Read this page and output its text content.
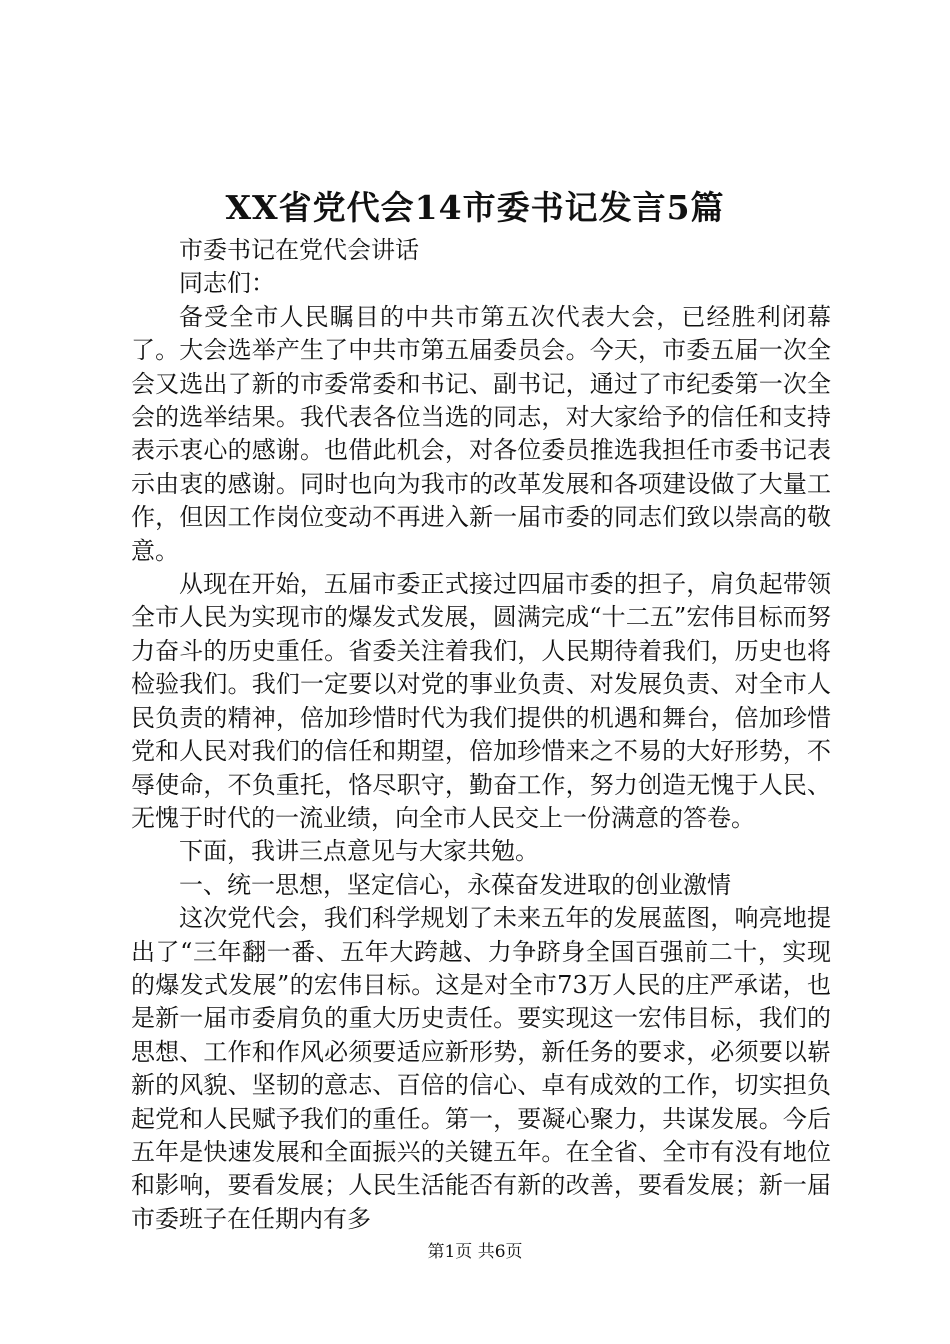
XX省党代会14市委书记发言5篇

市委书记在党代会讲话

同志们：

备受全市人民瞩目的中共市第五次代表大会，已经胜利闭幕了。大会选举产生了中共市第五届委员会。今天，市委五届一次全会又选出了新的市委常委和书记、副书记，通过了市纪委第一次全会的选举结果。我代表各位当选的同志，对大家给予的信任和支持表示衷心的感谢。也借此机会，对各位委员推选我担任市委书记表示由衷的感谢。同时也向为我市的改革发展和各项建设做了大量工作，但因工作岗位变动不再进入新一届市委的同志们致以崇高的敬意。

从现在开始，五届市委正式接过四届市委的担子，肩负起带领全市人民为实现市的爆发式发展，圆满完成“十二五”宏伟目标而努力奋斗的历史重任。省委关注着我们，人民期待着我们，历史也将检验我们。我们一定要以对党的事业负责、对发展负责、对全市人民负责的精神，倍加珍惜时代为我们提供的机遇和舞台，倍加珍惜党和人民对我们的信任和期望，倍加珍惜来之不易的大好形势，不辱使命，不负重托，恪尽职守，勤奋工作，努力创造无愧于人民、无愧于时代的一流业绩，向全市人民交上一份满意的答卷。

下面，我讲三点意见与大家共勉。

一、统一思想，坚定信心，永葆奋发进取的创业激情

这次党代会，我们科学规划了未来五年的发展蓝图，响亮地提出了“三年翻一番、五年大跨越、力争跻身全国百强前二十，实现的爆发式发展”的宏伟目标。这是对全市73万人民的庄严承诺，也是新一届市委肩负的重大历史责任。要实现这一宏伟目标，我们的思想、工作和作风必须要适应新形势，新任务的要求，必须要以崭新的风貌、坚韧的意志、百倍的信心、卓有成效的工作，切实担负起党和人民赋予我们的重任。第一，要凝心聚力，共谋发展。今后五年是快速发展和全面振兴的关键五年。在全省、全市有没有地位和影响，要看发展；人民生活能否有新的改善，要看发展；新一届市委班子在任期内有多

第1页 共6页
